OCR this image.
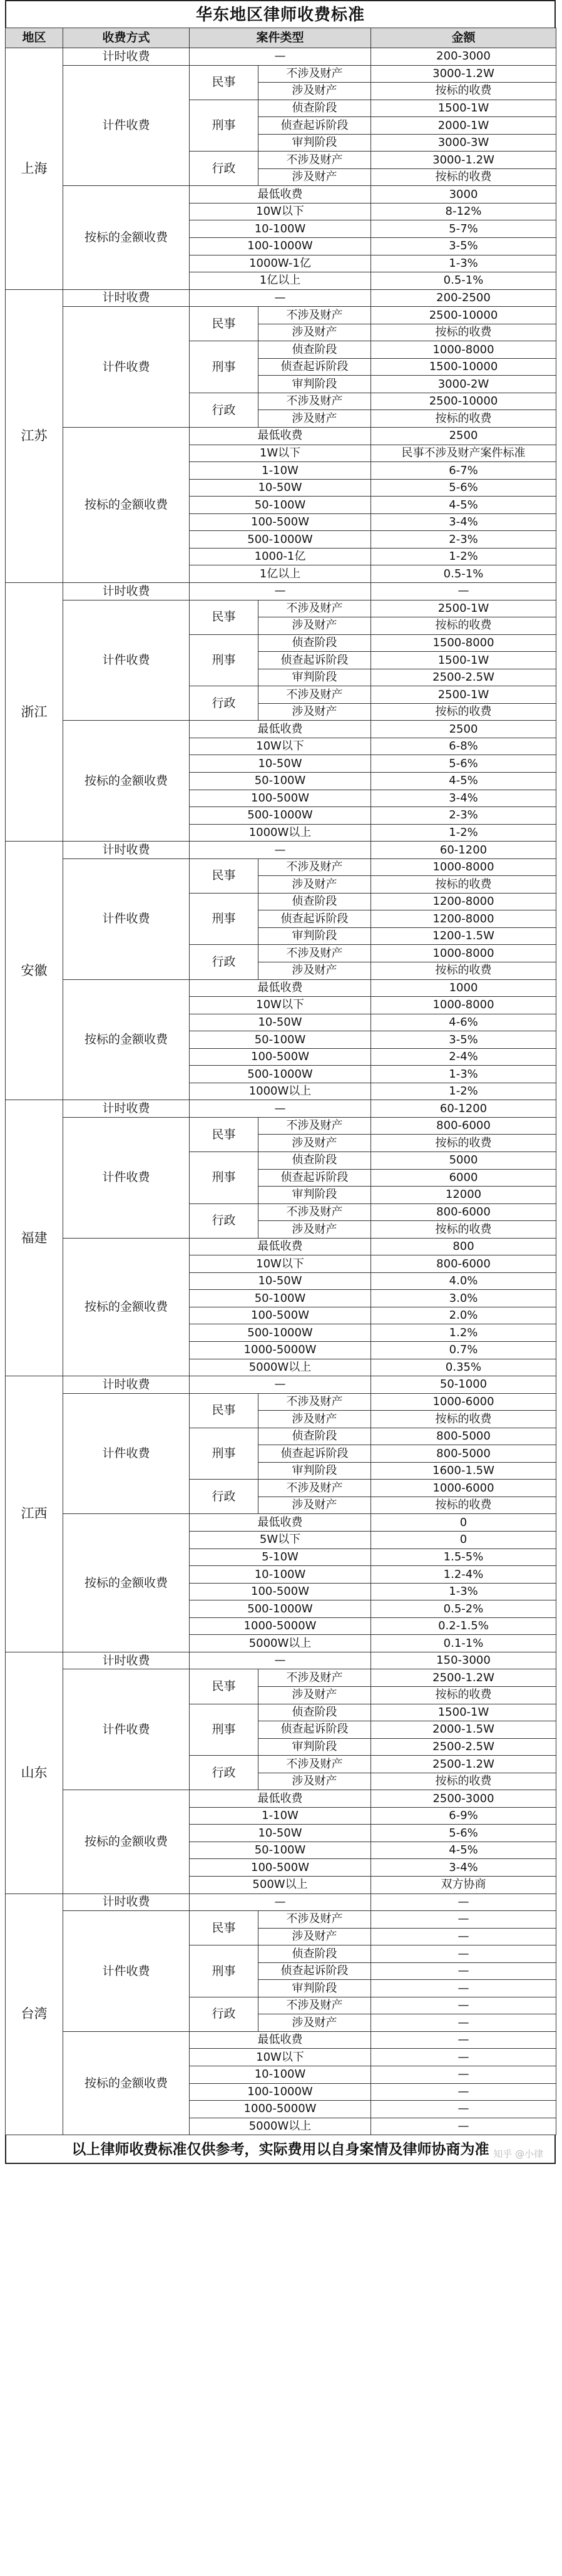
华东地区律师收费标准
地区	收费方式	案件类型		金额
上海	计时收费	—		200-3000
	计件收费	民事	不涉及财产	3000-1.2W
			涉及财产	按标的收费
		刑事	侦查阶段	1500-1W
			侦查起诉阶段	2000-1W
			审判阶段	3000-3W
		行政	不涉及财产	3000-1.2W
			涉及财产	按标的收费
	按标的金额收费	最低收费		3000
		10W以下		8-12%
		10-100W		5-7%
		100-1000W		3-5%
		1000W-1亿		1-3%
		1亿以上		0.5-1%
江苏	计时收费	—		200-2500
	计件收费	民事	不涉及财产	2500-10000
			涉及财产	按标的收费
		刑事	侦查阶段	1000-8000
			侦查起诉阶段	1500-10000
			审判阶段	3000-2W
		行政	不涉及财产	2500-10000
			涉及财产	按标的收费
	按标的金额收费	最低收费		2500
		1W以下		民事不涉及财产案件标准
		1-10W		6-7%
		10-50W		5-6%
		50-100W		4-5%
		100-500W		3-4%
		500-1000W		2-3%
		1000-1亿		1-2%
		1亿以上		0.5-1%
浙江	计时收费	—		—
	计件收费	民事	不涉及财产	2500-1W
			涉及财产	按标的收费
		刑事	侦查阶段	1500-8000
			侦查起诉阶段	1500-1W
			审判阶段	2500-2.5W
		行政	不涉及财产	2500-1W
			涉及财产	按标的收费
	按标的金额收费	最低收费		2500
		10W以下		6-8%
		10-50W		5-6%
		50-100W		4-5%
		100-500W		3-4%
		500-1000W		2-3%
		1000W以上		1-2%
安徽	计时收费	—		60-1200
	计件收费	民事	不涉及财产	1000-8000
			涉及财产	按标的收费
		刑事	侦查阶段	1200-8000
			侦查起诉阶段	1200-8000
			审判阶段	1200-1.5W
		行政	不涉及财产	1000-8000
			涉及财产	按标的收费
	按标的金额收费	最低收费		1000
		10W以下		1000-8000
		10-50W		4-6%
		50-100W		3-5%
		100-500W		2-4%
		500-1000W		1-3%
		1000W以上		1-2%
福建	计时收费	—		60-1200
	计件收费	民事	不涉及财产	800-6000
			涉及财产	按标的收费
		刑事	侦查阶段	5000
			侦查起诉阶段	6000
			审判阶段	12000
		行政	不涉及财产	800-6000
			涉及财产	按标的收费
	按标的金额收费	最低收费		800
		10W以下		800-6000
		10-50W		4.0%
		50-100W		3.0%
		100-500W		2.0%
		500-1000W		1.2%
		1000-5000W		0.7%
		5000W以上		0.35%
江西	计时收费	—		50-1000
	计件收费	民事	不涉及财产	1000-6000
			涉及财产	按标的收费
		刑事	侦查阶段	800-5000
			侦查起诉阶段	800-5000
			审判阶段	1600-1.5W
		行政	不涉及财产	1000-6000
			涉及财产	按标的收费
	按标的金额收费	最低收费		0
		5W以下		0
		5-10W		1.5-5%
		10-100W		1.2-4%
		100-500W		1-3%
		500-1000W		0.5-2%
		1000-5000W		0.2-1.5%
		5000W以上		0.1-1%
山东	计时收费	—		150-3000
	计件收费	民事	不涉及财产	2500-1.2W
			涉及财产	按标的收费
		刑事	侦查阶段	1500-1W
			侦查起诉阶段	2000-1.5W
			审判阶段	2500-2.5W
		行政	不涉及财产	2500-1.2W
			涉及财产	按标的收费
	按标的金额收费	最低收费		2500-3000
		1-10W		6-9%
		10-50W		5-6%
		50-100W		4-5%
		100-500W		3-4%
		500W以上		双方协商
台湾	计时收费	—		—
	计件收费	民事	不涉及财产	—
			涉及财产	—
		刑事	侦查阶段	—
			侦查起诉阶段	—
			审判阶段	—
		行政	不涉及财产	—
			涉及财产	—
	按标的金额收费	最低收费		—
		10W以下		—
		10-100W		—
		100-1000W		—
		1000-5000W		—
		5000W以上		—
以上律师收费标准仅供参考，实际费用以自身案情及律师协商为准 知乎 @小律
